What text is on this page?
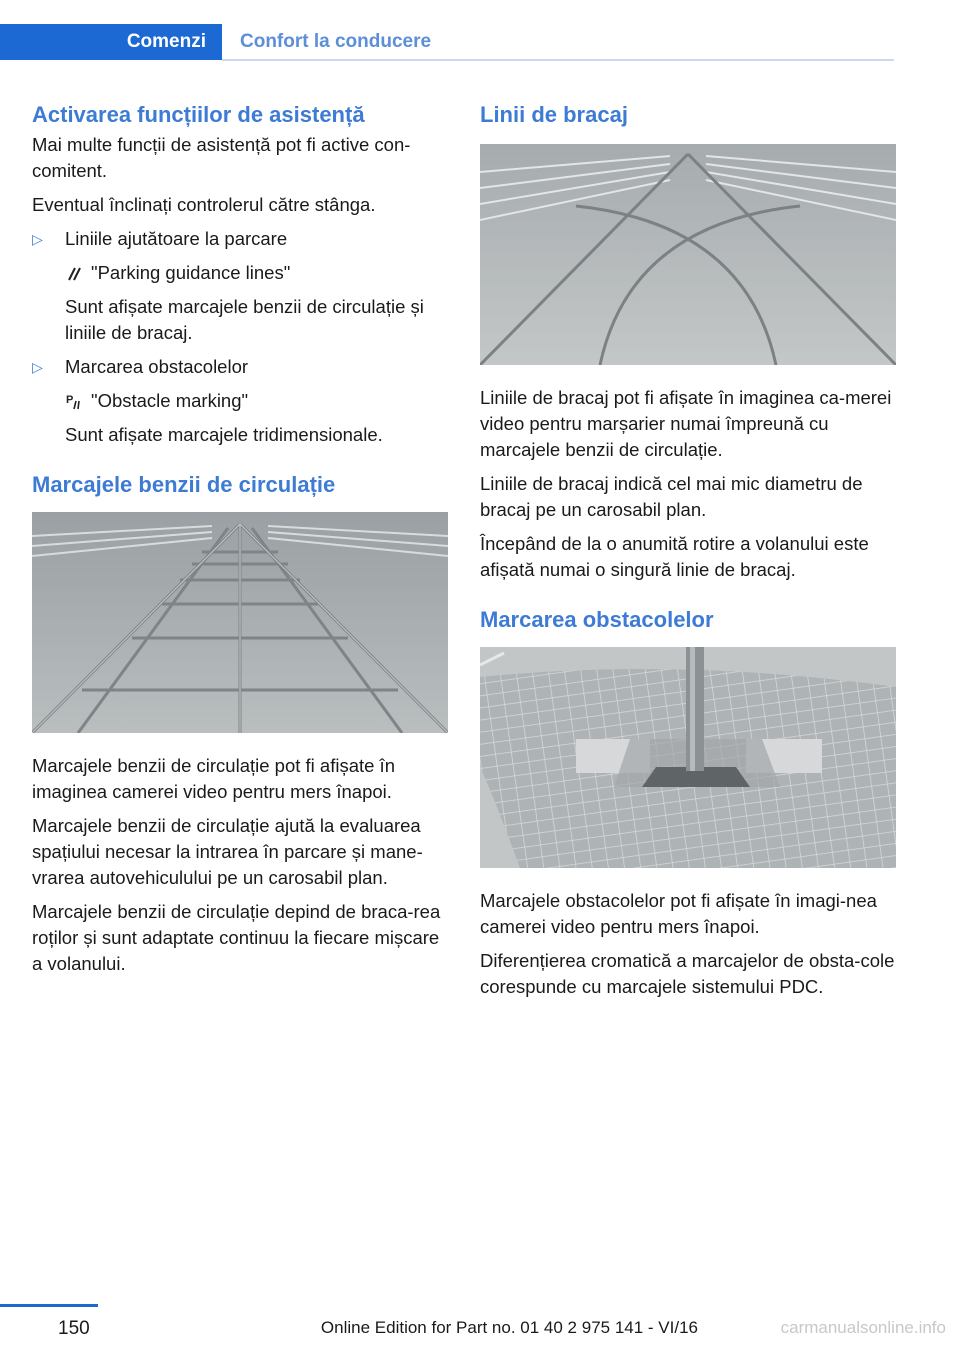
Comenzi	Confort la conducere
Activarea funcțiilor de asistență

Mai multe funcții de asistență pot fi active con‐comitent.

Eventual înclinați controlerul către stânga.

▷ Liniile ajutătoare la parcare

"Parking guidance lines"

Sunt afișate marcajele benzii de circulație și liniile de bracaj.

▷ Marcarea obstacolelor

P "Obstacle marking"

Sunt afișate marcajele tridimensionale.

Marcajele benzii de circulație

Marcajele benzii de circulație pot fi afișate în imaginea camerei video pentru mers înapoi.

Marcajele benzii de circulație ajută la evaluarea spațiului necesar la intrarea în parcare și mane‐vrarea autovehiculului pe un carosabil plan.

Marcajele benzii de circulație depind de braca‐rea roților și sunt adaptate continuu la fiecare mișcare a volanului.

Linii de bracaj

Liniile de bracaj pot fi afișate în imaginea ca‐merei video pentru marșarier numai împreună cu marcajele benzii de circulație.

Liniile de bracaj indică cel mai mic diametru de bracaj pe un carosabil plan.

Începând de la o anumită rotire a volanului este afișată numai o singură linie de bracaj.

Marcarea obstacolelor

Marcajele obstacolelor pot fi afișate în imagi‐nea camerei video pentru mers înapoi.

Diferențierea cromatică a marcajelor de obsta‐cole corespunde cu marcajele sistemului PDC.

150	Online Edition for Part no. 01 40 2 975 141 - VI/16	carmanualsonline.info
